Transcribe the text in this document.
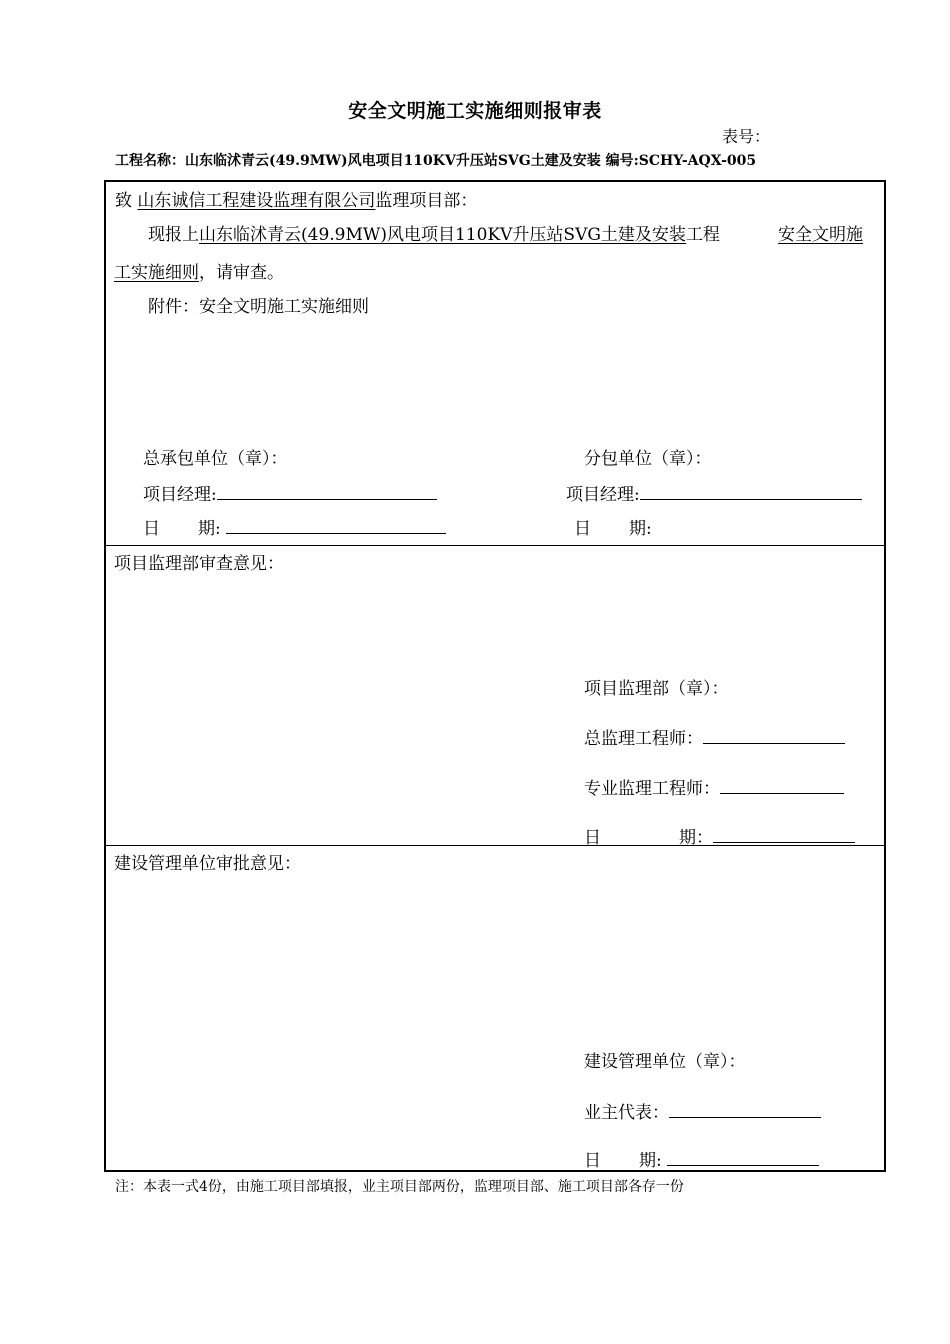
安全文明施工实施细则报审表
表号：
工程名称：山东临沭青云(49.9MW)风电项目110KV升压站SVG土建及安装 编号:SCHY-AQX-005
致 山东诚信工程建设监理有限公司监理项目部：
现报上山东临沭青云(49.9MW)风电项目110KV升压站SVG土建及安装工程	安全文明施
工实施细则，请审查。
附件：安全文明施工实施细则
总承包单位（章）：	分包单位（章）：
项目经理:	项目经理:
日 期:	日 期:
项目监理部审查意见：
项目监理部（章）：
总监理工程师：
专业监理工程师：
日	期：
建设管理单位审批意见：
建设管理单位（章）：
业主代表：
日 期:
注：本表一式4份，由施工项目部填报，业主项目部两份，监理项目部、施工项目部各存一份
